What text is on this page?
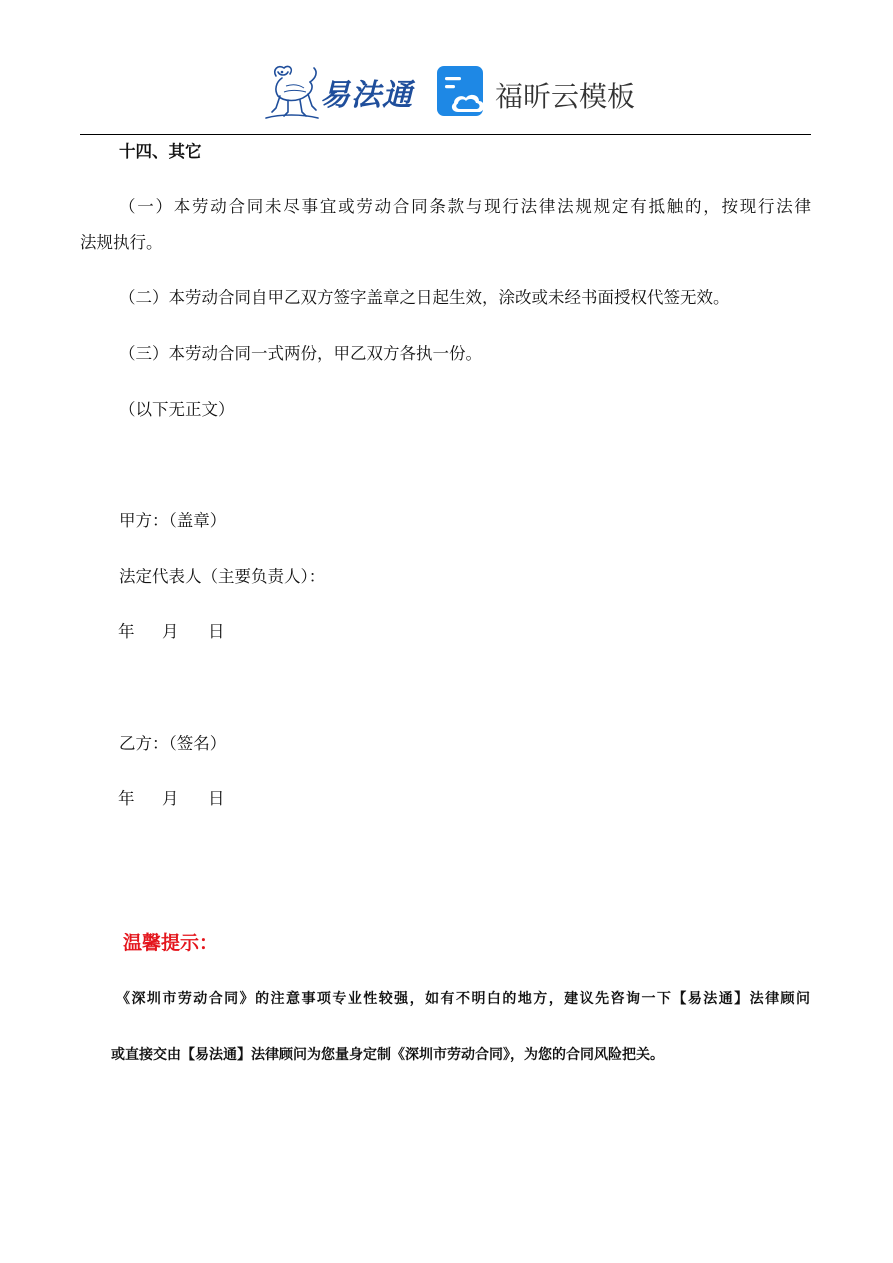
易法通	福昕云模板
十四、其它
（一）本劳动合同未尽事宜或劳动合同条款与现行法律法规规定有抵触的，按现行法律
法规执行。
（二）本劳动合同自甲乙双方签字盖章之日起生效，涂改或未经书面授权代签无效。
（三）本劳动合同一式两份，甲乙双方各执一份。
（以下无正文）
甲方：（盖章）
法定代表人（主要负责人）：
年 月 日
乙方：（签名）
年 月 日
温馨提示：
《深圳市劳动合同》的注意事项专业性较强，如有不明白的地方，建议先咨询一下【易法通】法律顾问
或直接交由【易法通】法律顾问为您量身定制《深圳市劳动合同》，为您的合同风险把关。
